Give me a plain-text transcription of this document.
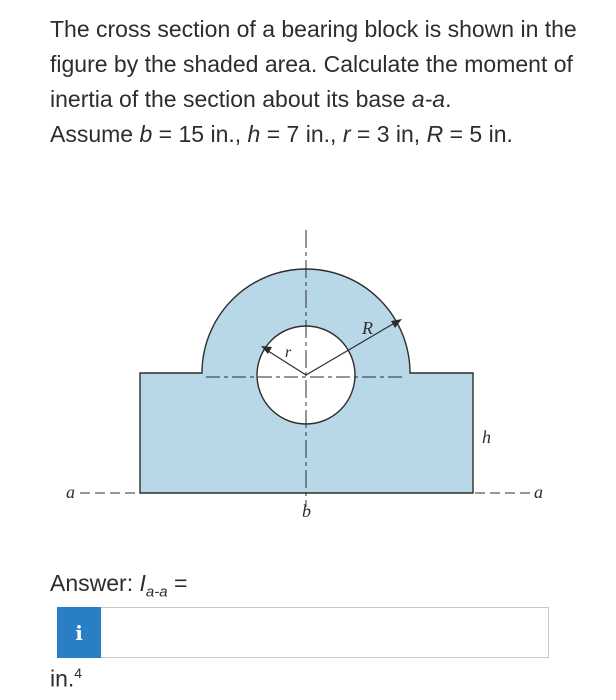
The cross section of a bearing block is shown in the figure by the shaded area. Calculate the moment of inertia of the section about its base a-a.

Assume b = 15 in., h = 7 in., r = 3 in, R = 5 in.

R
r
h
b
a	a
Answer: $I_{a-a}$ =
i
in.$^4$
